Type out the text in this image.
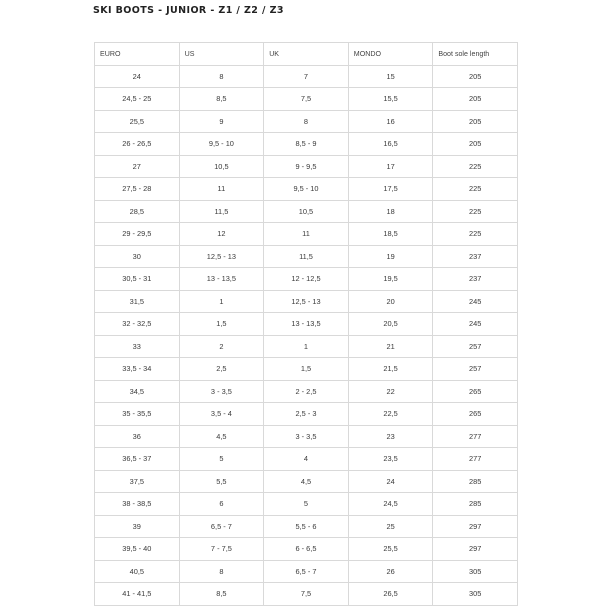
SKI BOOTS - JUNIOR - Z1 / Z2 / Z3
EURO	US	UK	MONDO	Boot sole length
24	8	7	15	205
24,5 - 25	8,5	7,5	15,5	205
25,5	9	8	16	205
26 - 26,5	9,5 - 10	8,5 - 9	16,5	205
27	10,5	9 - 9,5	17	225
27,5 - 28	11	9,5 - 10	17,5	225
28,5	11,5	10,5	18	225
29 - 29,5	12	11	18,5	225
30	12,5 - 13	11,5	19	237
30,5 - 31	13 - 13,5	12 - 12,5	19,5	237
31,5	1	12,5 - 13	20	245
32 - 32,5	1,5	13 - 13,5	20,5	245
33	2	1	21	257
33,5 - 34	2,5	1,5	21,5	257
34,5	3 - 3,5	2 - 2,5	22	265
35 - 35,5	3,5 - 4	2,5 - 3	22,5	265
36	4,5	3 - 3,5	23	277
36,5 - 37	5	4	23,5	277
37,5	5,5	4,5	24	285
38 - 38,5	6	5	24,5	285
39	6,5 - 7	5,5 - 6	25	297
39,5 - 40	7 - 7,5	6 - 6,5	25,5	297
40,5	8	6,5 - 7	26	305
41 - 41,5	8,5	7,5	26,5	305
